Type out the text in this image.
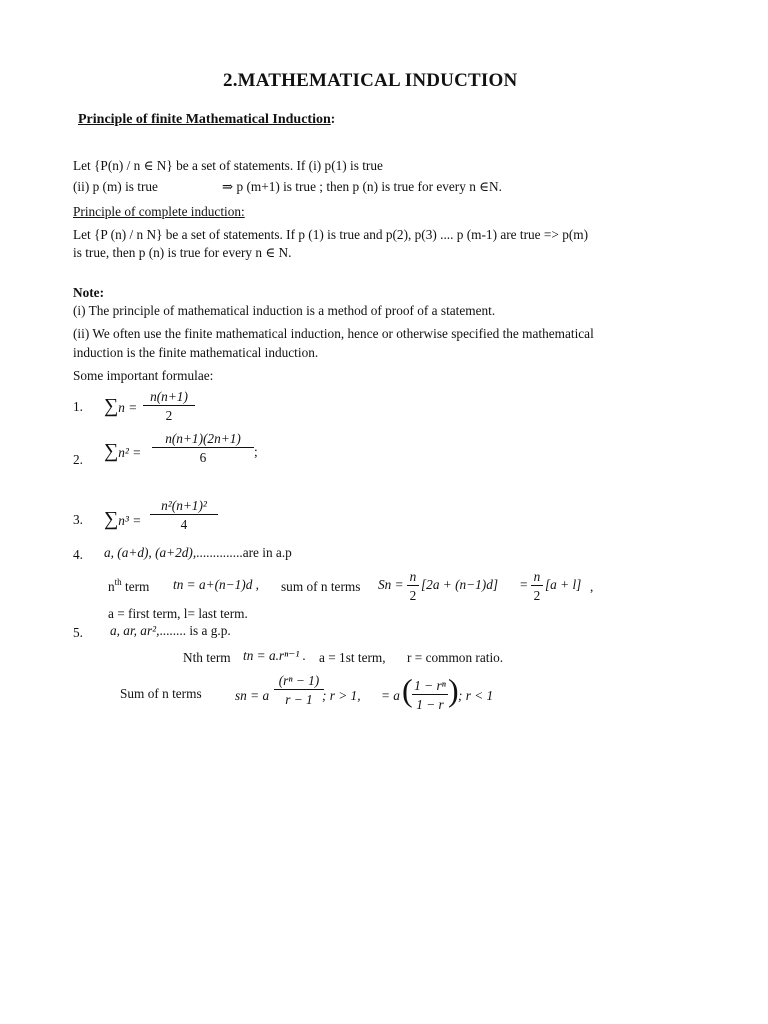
2.MATHEMATICAL INDUCTION
Principle of finite Mathematical Induction:
Let {P(n) / n ∈ N} be a set of statements. If (i) p(1) is true
(ii) p (m) is true	⇒ p (m+1) is true ; then p (n) is true for every n ∈N.
Principle of complete induction:
Let {P (n) / n N} be a set of statements. If p (1) is true and p(2), p(3) .... p (m-1) are true => p(m)
is true, then p (n) is true for every n ∈ N.
Note:
(i) The principle of mathematical induction is a method of proof of a statement.
(ii) We often use the finite mathematical induction, hence or otherwise specified the mathematical
induction is the finite mathematical induction.
Some important formulae:
1. ∑n =
n(n+1)
2
2. ∑n² =
n(n+1)(2n+1)
6	;
3. ∑n³ =
n²(n+1)²
4
4. a, (a+d), (a+2d),..............are in a.p
$n^{th}$ term tn = a+(n−1)d , sum of n terms Sn =
n
2
[2a + (n−1)d] =
n
2
[a + l] ,
a = first term, l= last term.
5. a, ar, ar²,........ is a g.p.
Nth term tn = a.rⁿ⁻¹ . a = 1st term, r = common ratio.
Sum of n terms	sn = a
(rⁿ − 1)
r − 1 ; r > 1, = a ( 1 − rⁿ
1 − r ) ; r < 1
